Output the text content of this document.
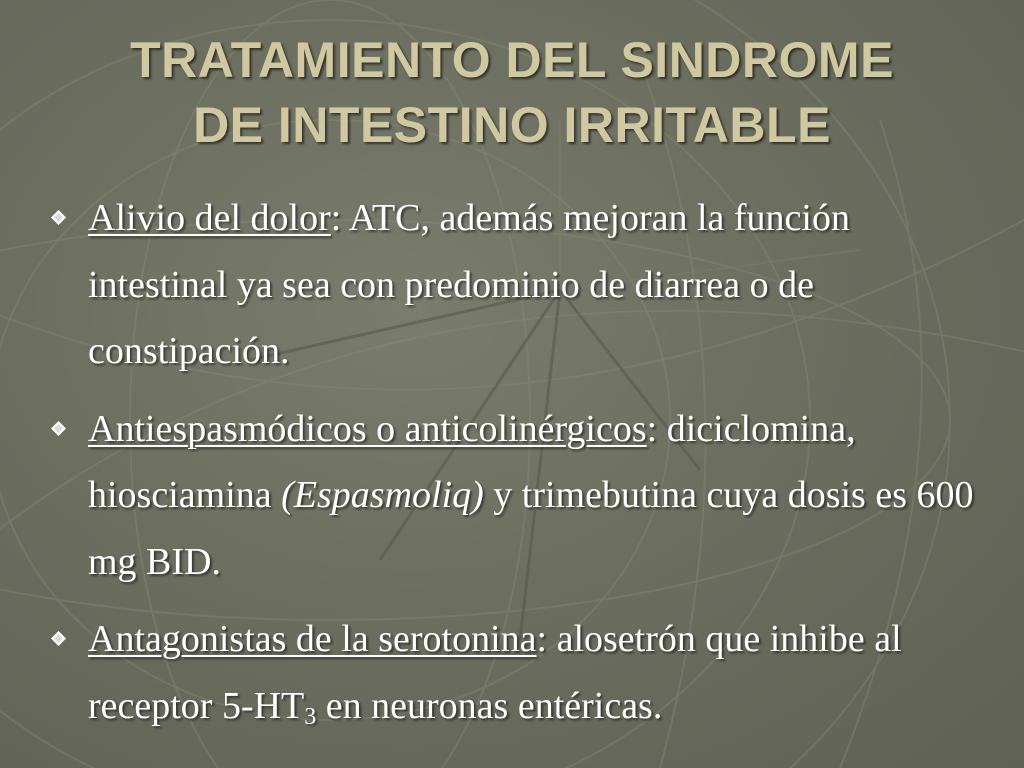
TRATAMIENTO DEL SINDROME
DE INTESTINO IRRITABLE
Alivio del dolor: ATC, además mejoran la función intestinal ya sea con predominio de diarrea o de constipación.
Antiespasmódicos o anticolinérgicos: diciclomina, hiosciamina (Espasmoliq) y trimebutina cuya dosis es 600 mg BID.
Antagonistas de la serotonina: alosetrón que inhibe al receptor $5-HT_3$ en neuronas entéricas.
